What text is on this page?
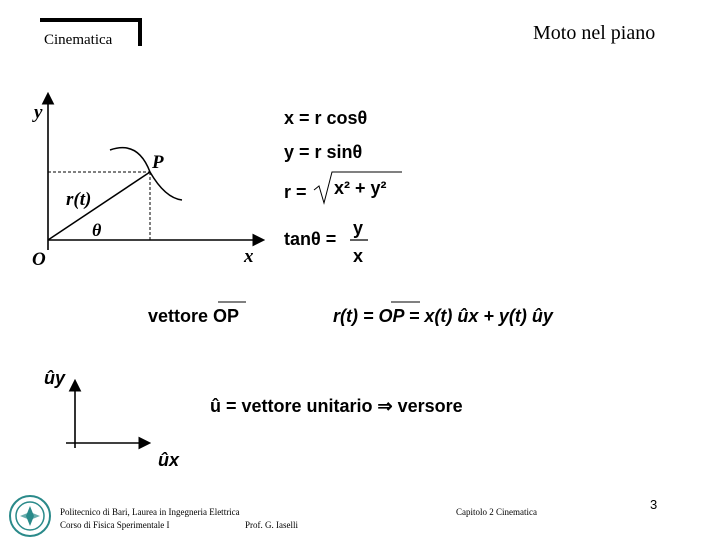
Cinematica	Moto nel piano
y
x
O
P
r(t)
θ
x = r cosθ
y = r sinθ
r = x² + y²
tanθ =
y
x
vettore OP	r(t) = OP = x(t) ûx + y(t) ûy
ûy
ûx
û = vettore unitario ⇒ versore
Politecnico di Bari, Laurea in Ingegneria Elettrica
Corso di Fisica Sperimentale I	Prof. G. Iaselli
Capitolo 2 Cinematica	3
